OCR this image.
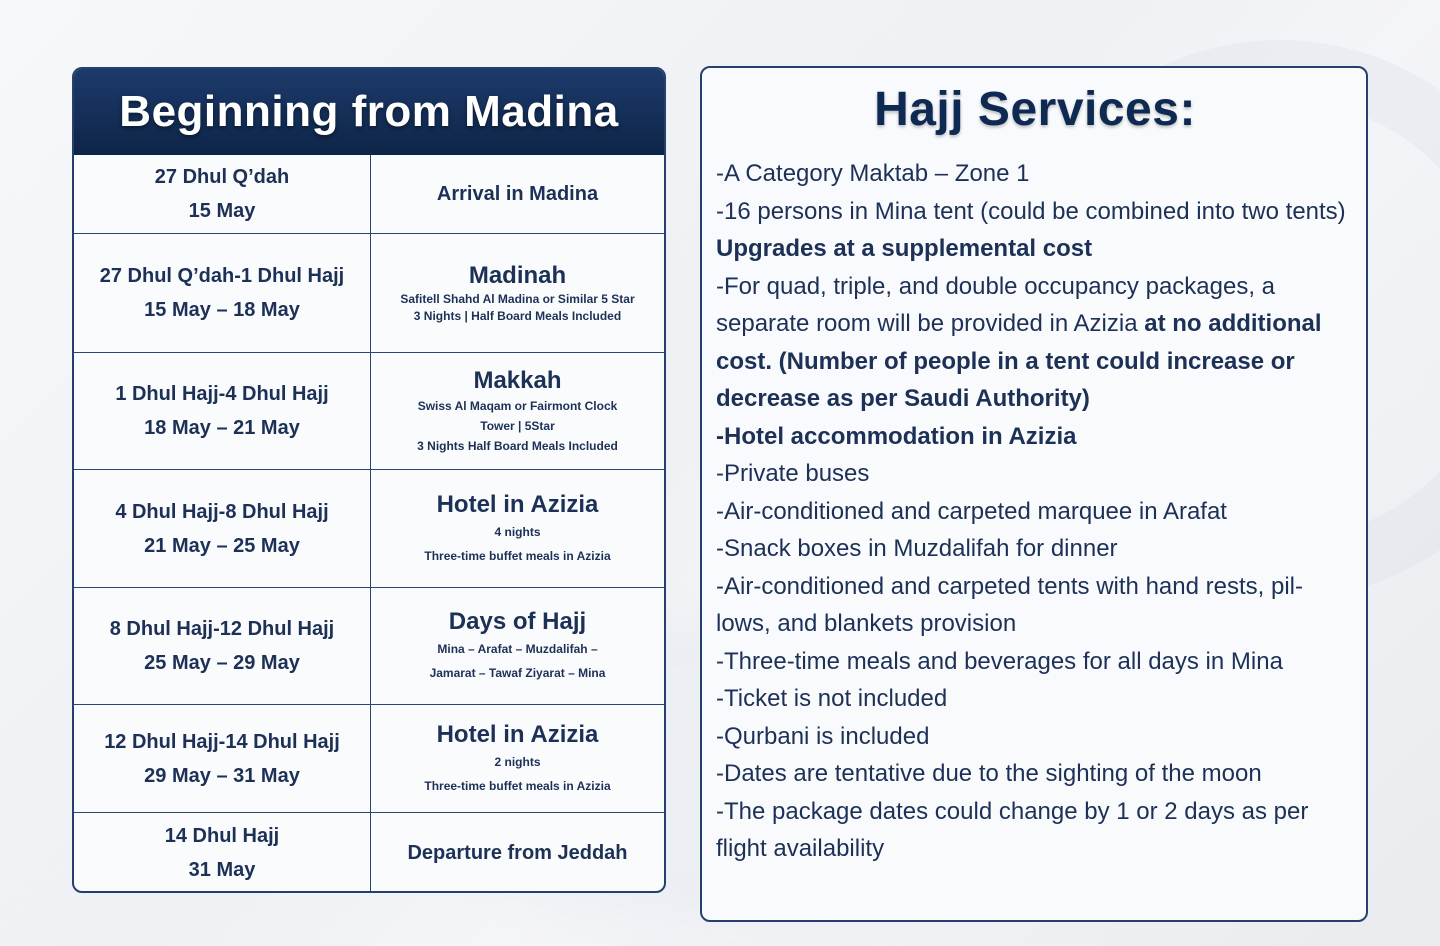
Beginning from Madina
27 Dhul Q’dah
15 May
Arrival in Madina
27 Dhul Q’dah-1 Dhul Hajj
15 May – 18 May
Madinah
Safitell Shahd Al Madina or Similar 5 Star
3 Nights | Half Board Meals Included
1 Dhul Hajj-4 Dhul Hajj
18 May – 21 May
Makkah
Swiss Al Maqam or Fairmont Clock
Tower | 5Star
3 Nights Half Board Meals Included
4 Dhul Hajj-8 Dhul Hajj
21 May – 25 May
Hotel in Azizia
4 nights
Three-time buffet meals in Azizia
8 Dhul Hajj-12 Dhul Hajj
25 May – 29 May
Days of Hajj
Mina – Arafat – Muzdalifah –
Jamarat – Tawaf Ziyarat – Mina
12 Dhul Hajj-14 Dhul Hajj
29 May – 31 May
Hotel in Azizia
2 nights
Three-time buffet meals in Azizia
14 Dhul Hajj
31 May
Departure from Jeddah
Hajj Services:
-A Category Maktab – Zone 1
-16 persons in Mina tent (could be combined into two tents) Upgrades at a supplemental cost
-For quad, triple, and double occupancy packages, a separate room will be provided in Azizia at no additional cost. (Number of people in a tent could increase or decrease as per Saudi Authority)
-Hotel accommodation in Azizia
-Private buses
-Air-conditioned and carpeted marquee in Arafat
-Snack boxes in Muzdalifah for dinner
-Air-conditioned and carpeted tents with hand rests, pil- lows, and blankets provision
-Three-time meals and beverages for all days in Mina
-Ticket is not included
-Qurbani is included
-Dates are tentative due to the sighting of the moon
-The package dates could change by 1 or 2 days as per flight availability
